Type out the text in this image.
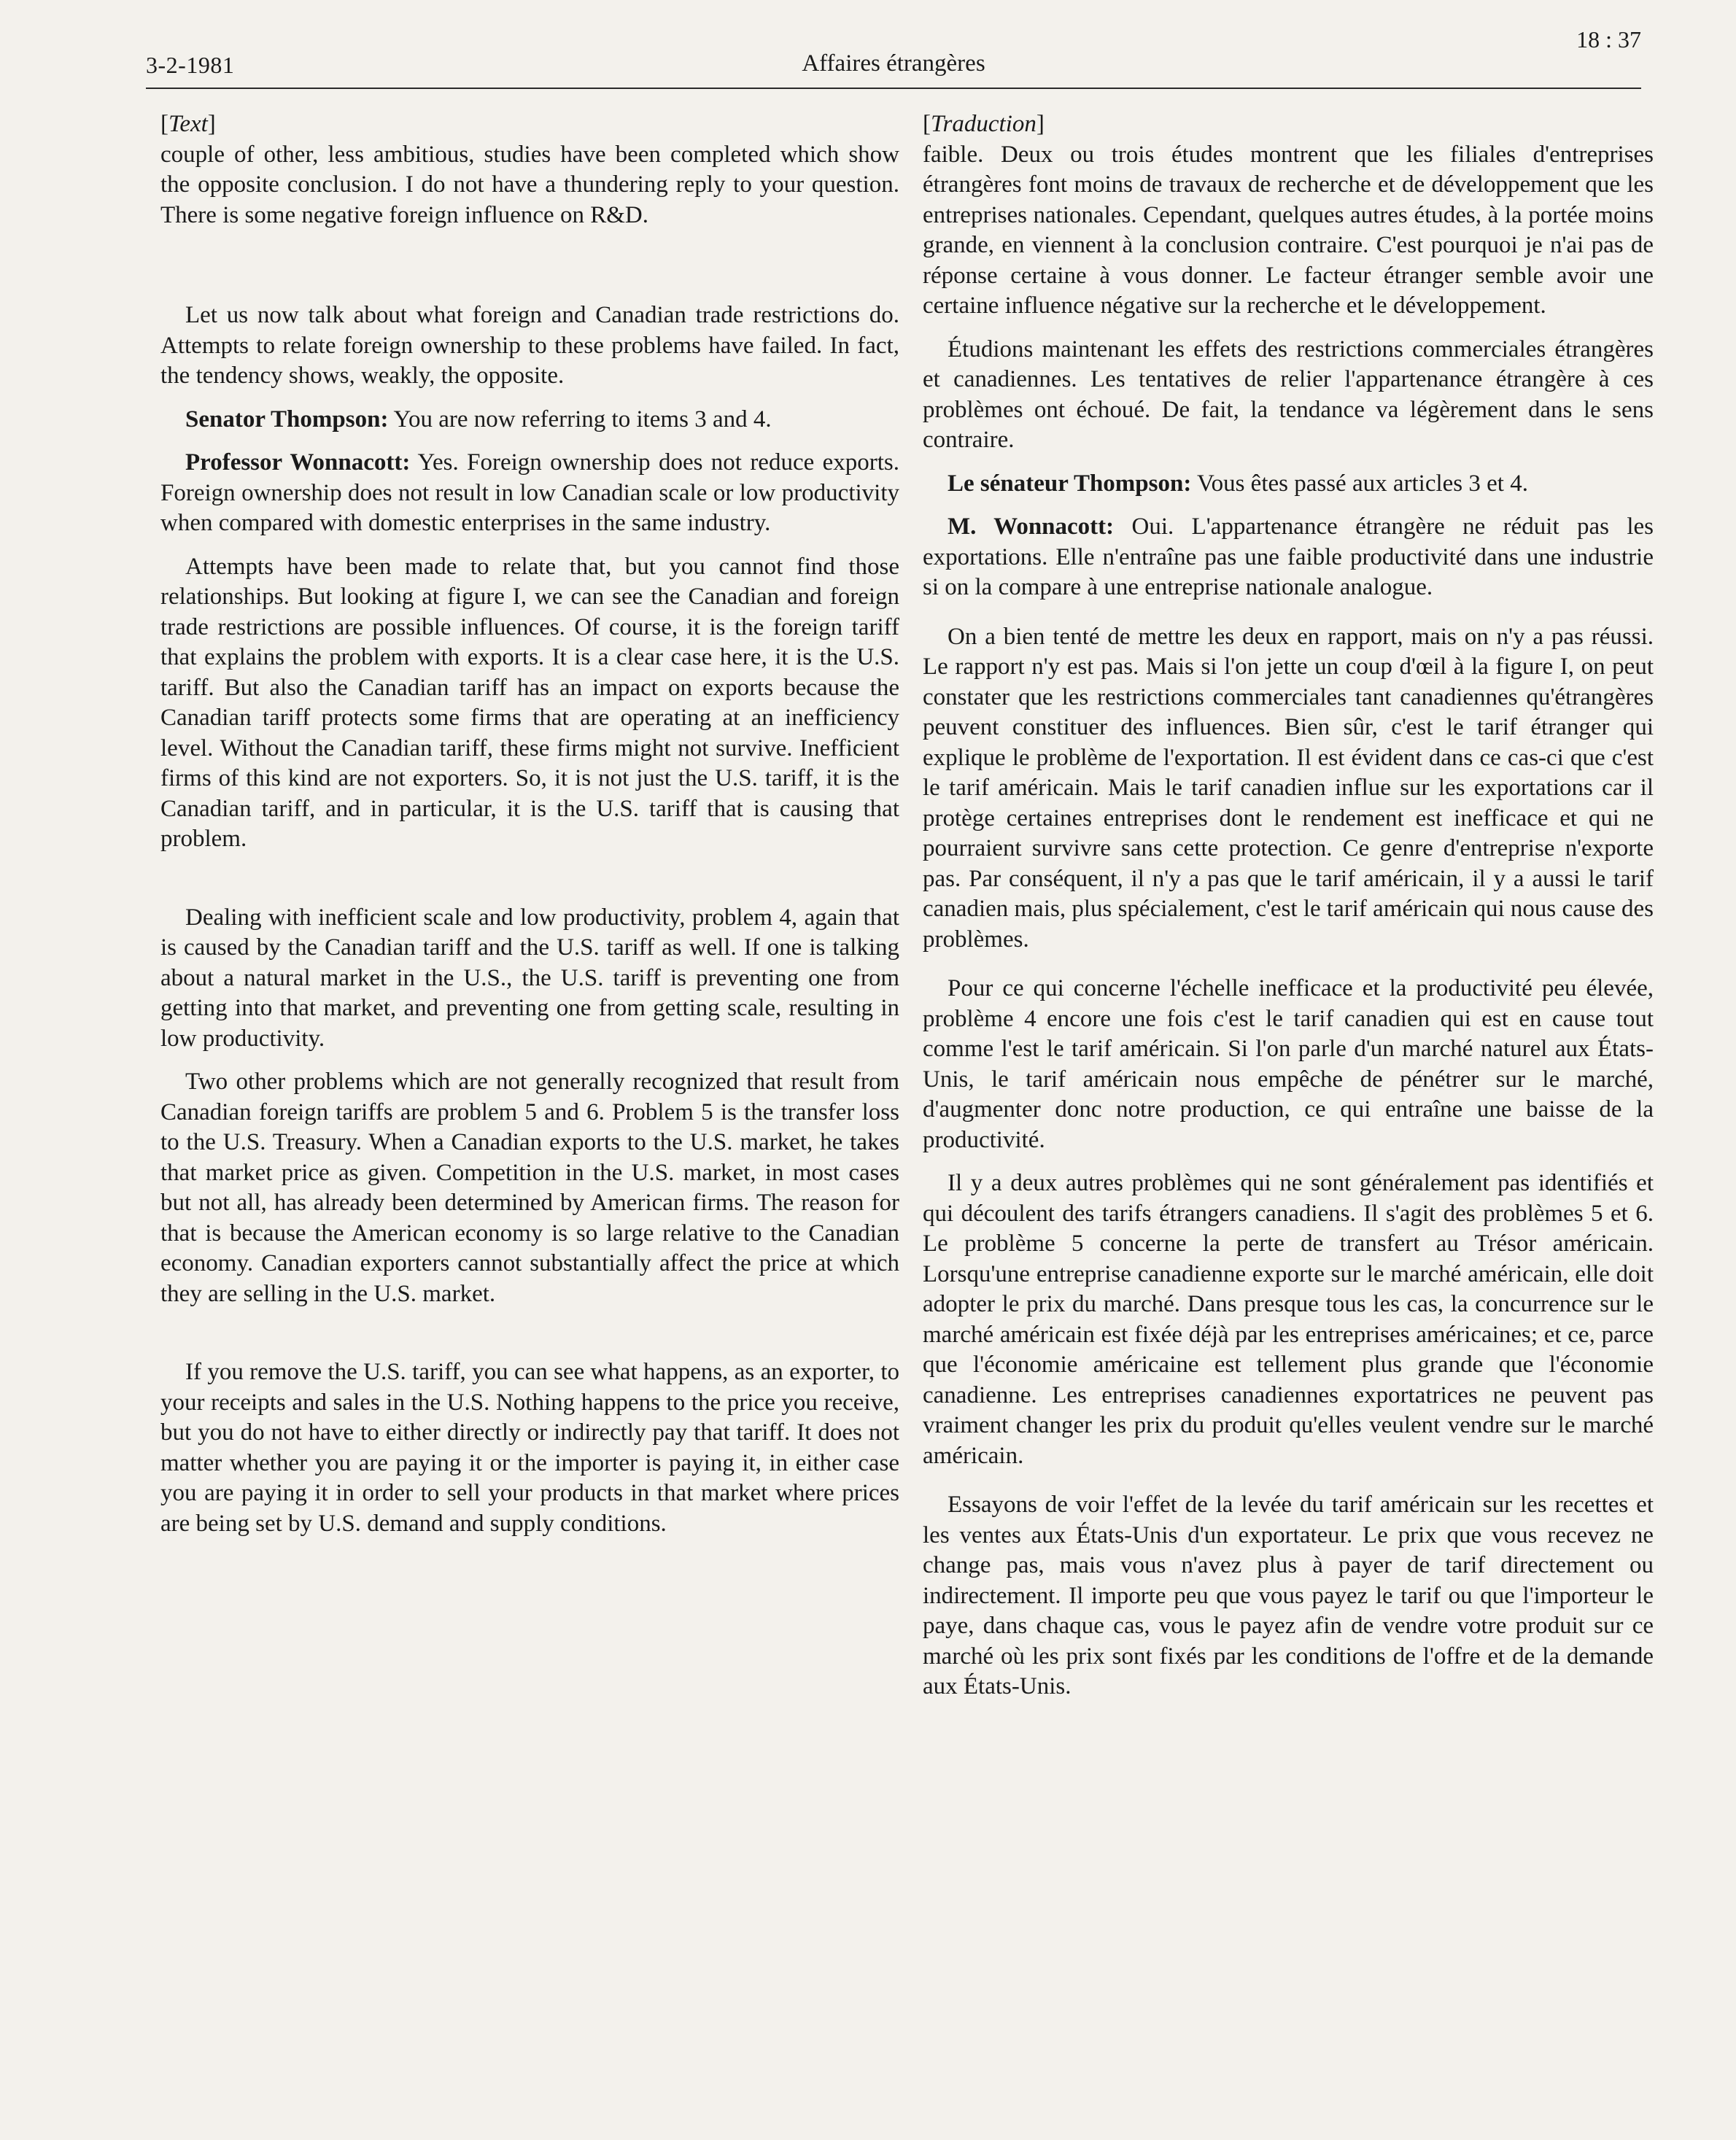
3-2-1981	Affaires étrangères
18 : 37
[Text]

couple of other, less ambitious, studies have been completed which show the opposite conclusion. I do not have a thundering reply to your question. There is some negative foreign influence on R&D.

Let us now talk about what foreign and Canadian trade restrictions do. Attempts to relate foreign ownership to these problems have failed. In fact, the tendency shows, weakly, the opposite.

Senator Thompson: You are now referring to items 3 and 4.

Professor Wonnacott: Yes. Foreign ownership does not reduce exports. Foreign ownership does not result in low Canadian scale or low productivity when compared with domestic enterprises in the same industry.

Attempts have been made to relate that, but you cannot find those relationships. But looking at figure I, we can see the Canadian and foreign trade restrictions are possible influences. Of course, it is the foreign tariff that explains the problem with exports. It is a clear case here, it is the U.S. tariff. But also the Canadian tariff has an impact on exports because the Canadian tariff protects some firms that are operating at an inefficiency level. Without the Canadian tariff, these firms might not survive. Inefficient firms of this kind are not exporters. So, it is not just the U.S. tariff, it is the Canadian tariff, and in particular, it is the U.S. tariff that is causing that problem.

Dealing with inefficient scale and low productivity, problem 4, again that is caused by the Canadian tariff and the U.S. tariff as well. If one is talking about a natural market in the U.S., the U.S. tariff is preventing one from getting into that market, and preventing one from getting scale, resulting in low productivity.

Two other problems which are not generally recognized that result from Canadian foreign tariffs are problem 5 and 6. Problem 5 is the transfer loss to the U.S. Treasury. When a Canadian exports to the U.S. market, he takes that market price as given. Competition in the U.S. market, in most cases but not all, has already been determined by American firms. The reason for that is because the American economy is so large relative to the Canadian economy. Canadian exporters cannot substantially affect the price at which they are selling in the U.S. market.

If you remove the U.S. tariff, you can see what happens, as an exporter, to your receipts and sales in the U.S. Nothing happens to the price you receive, but you do not have to either directly or indirectly pay that tariff. It does not matter whether you are paying it or the importer is paying it, in either case you are paying it in order to sell your products in that market where prices are being set by U.S. demand and supply conditions.

[Traduction]

faible. Deux ou trois études montrent que les filiales d'entreprises étrangères font moins de travaux de recherche et de développement que les entreprises nationales. Cependant, quelques autres études, à la portée moins grande, en viennent à la conclusion contraire. C'est pourquoi je n'ai pas de réponse certaine à vous donner. Le facteur étranger semble avoir une certaine influence négative sur la recherche et le développement.

Étudions maintenant les effets des restrictions commerciales étrangères et canadiennes. Les tentatives de relier l'appartenance étrangère à ces problèmes ont échoué. De fait, la tendance va légèrement dans le sens contraire.

Le sénateur Thompson: Vous êtes passé aux articles 3 et 4.

M. Wonnacott: Oui. L'appartenance étrangère ne réduit pas les exportations. Elle n'entraîne pas une faible productivité dans une industrie si on la compare à une entreprise nationale analogue.

On a bien tenté de mettre les deux en rapport, mais on n'y a pas réussi. Le rapport n'y est pas. Mais si l'on jette un coup d'œil à la figure I, on peut constater que les restrictions commerciales tant canadiennes qu'étrangères peuvent constituer des influences. Bien sûr, c'est le tarif étranger qui explique le problème de l'exportation. Il est évident dans ce cas-ci que c'est le tarif américain. Mais le tarif canadien influe sur les exportations car il protège certaines entreprises dont le rendement est inefficace et qui ne pourraient survivre sans cette protection. Ce genre d'entreprise n'exporte pas. Par conséquent, il n'y a pas que le tarif américain, il y a aussi le tarif canadien mais, plus spécialement, c'est le tarif américain qui nous cause des problèmes.

Pour ce qui concerne l'échelle inefficace et la productivité peu élevée, problème 4 encore une fois c'est le tarif canadien qui est en cause tout comme l'est le tarif américain. Si l'on parle d'un marché naturel aux États-Unis, le tarif américain nous empêche de pénétrer sur le marché, d'augmenter donc notre production, ce qui entraîne une baisse de la productivité.

Il y a deux autres problèmes qui ne sont généralement pas identifiés et qui découlent des tarifs étrangers canadiens. Il s'agit des problèmes 5 et 6. Le problème 5 concerne la perte de transfert au Trésor américain. Lorsqu'une entreprise canadienne exporte sur le marché américain, elle doit adopter le prix du marché. Dans presque tous les cas, la concurrence sur le marché américain est fixée déjà par les entreprises américaines; et ce, parce que l'économie américaine est tellement plus grande que l'économie canadienne. Les entreprises canadiennes exportatrices ne peuvent pas vraiment changer les prix du produit qu'elles veulent vendre sur le marché américain.

Essayons de voir l'effet de la levée du tarif américain sur les recettes et les ventes aux États-Unis d'un exportateur. Le prix que vous recevez ne change pas, mais vous n'avez plus à payer de tarif directement ou indirectement. Il importe peu que vous payez le tarif ou que l'importeur le paye, dans chaque cas, vous le payez afin de vendre votre produit sur ce marché où les prix sont fixés par les conditions de l'offre et de la demande aux États-Unis.
